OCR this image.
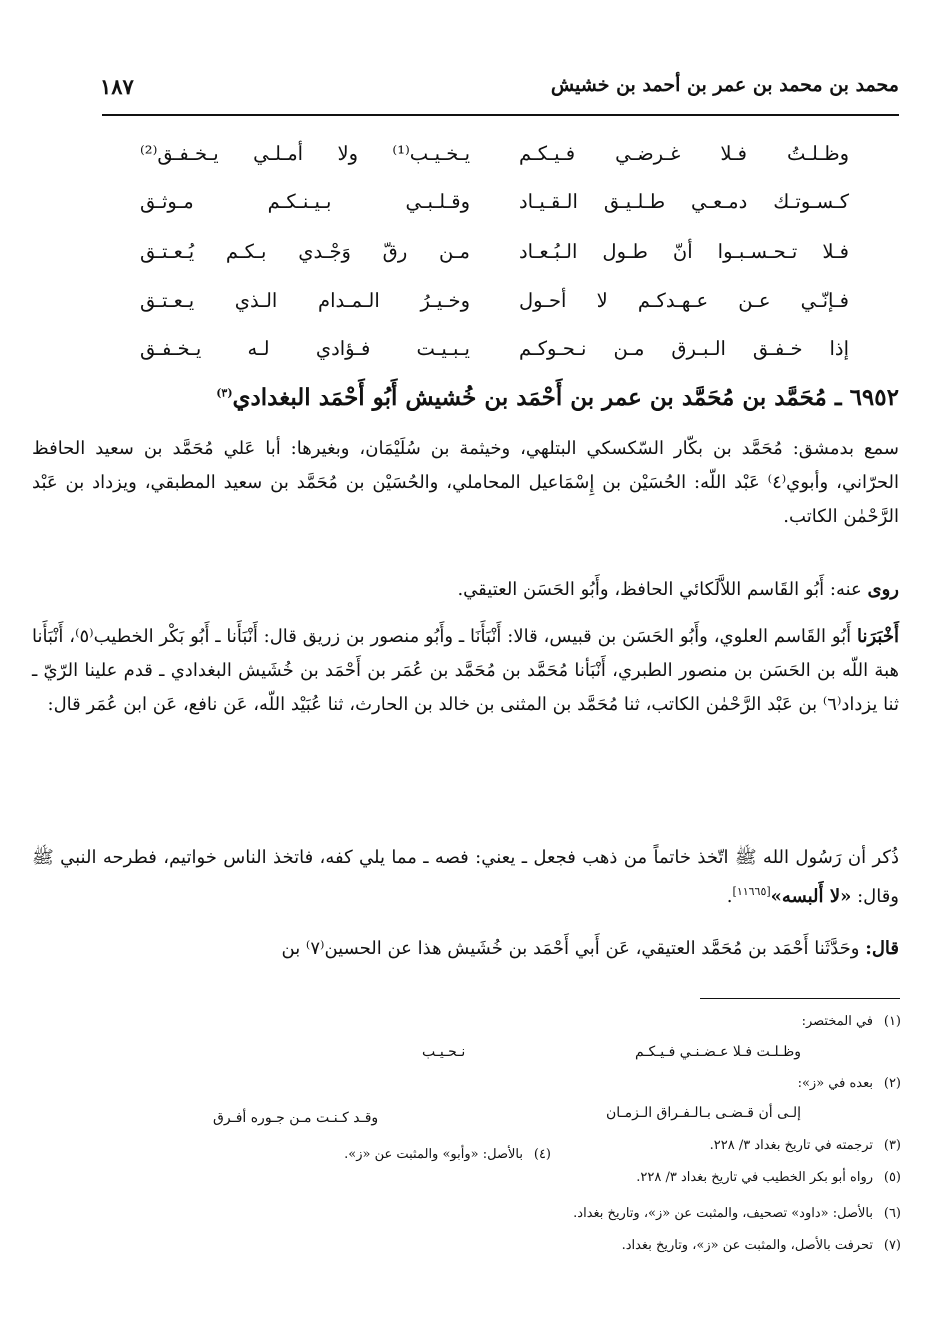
محمد بن محمد بن عمر بن أحمد بن خشيش
١٨٧
وظـلـتُ فـلا غـرضـي فـيـكـم
يـخـيـب⁽¹⁾ ولا أمـلـي يـخـفـق⁽²⁾
كـسـوتـك دمـعـي طـلـيـق الـقـيـاد
وقـلـبـي بـيـنـكـم مـوثـق
فـلا تـحـسـبـوا أنّ طـول الـبُـعـاد
مـن رقّ وَجْـدي بـكـم يُـعـتـق
فـإنّـي عـن عـهـدكـم لا أحـول
وخـيـرُ الـمـدام الـذي يـعـتـق
إذا خـفـق الـبـرق مـن نـحـوكـم
يـبـيـت فـؤادي لـه يـخـفـق
٦٩٥٢ ـ مُحَمَّد بن مُحَمَّد بن عمر بن أَحْمَد بن خُشيش أَبُو أَحْمَد البغدادي$^{(٣)}$
سمع بدمشق: مُحَمَّد بن بكّار السّكسكي البتلهي، وخيثمة بن سُلَيْمَان، وبغيرها: أبا عَلي مُحَمَّد بن سعيد الحافظ الحرّاني، وأبوي⁽٤⁾ عَبْد اللّه: الحُسَيْن بن إِسْمَاعيل المحاملي، والحُسَيْن بن مُحَمَّد بن سعيد المطبقي، ويزداد بن عَبْد الرَّحْمٰن الكاتب.
روى عنه: أَبُو القَاسم اللاَّلَكائي الحافظ، وأَبُو الحَسَن العتيقي.
أَخْبَرَنا أَبُو القَاسم العلوي، وأَبُو الحَسَن بن قبيس، قالا: أَنْبَأَنَا ـ وأَبُو منصور بن زريق قال: أَنْبَأَنا ـ أَبُو بَكْر الخطيب⁽٥⁾، أَنْبَأَنا هبة اللّه بن الحَسَن بن منصور الطبري، أَنْبَأنا مُحَمَّد بن مُحَمَّد بن عُمَر بن أَحْمَد بن خُشَيش البغدادي ـ قدم علينا الرّيّ ـ ثنا يزداد⁽٦⁾ بن عَبْد الرَّحْمٰن الكاتب، ثنا مُحَمَّد بن المثنى بن خالد بن الحارث، ثنا عُبَيْد اللّه، عَن نافع، عَن ابن عُمَر قال:
ذُكر أن رَسُول الله ﷺ اتّخذ خاتماً من ذهب فجعل ـ يعني: فصه ـ مما يلي كفه، فاتخذ الناس خواتيم، فطرحه النبي ﷺ وقال: «لا أَلبسه»[١١٦٦٥].
قال: وحَدَّثَنا أَحْمَد بن مُحَمَّد العتيقي، عَن أَبي أَحْمَد بن خُشَيش هذا عن الحسين⁽٧⁾ بن
(١)في المختصر:
وظـلـت فـلا عـضـنـي فـيـكـم
نـحـيـب
(٢)بعده في «ز»:
إلـى أن قـضـى بـالـفـراق الـزمـان
وقـد كـنـت مـن جـوره أفـرق
(٣)ترجمته في تاريخ بغداد ٣/ ٢٢٨.
(٤)بالأصل: «وأبو» والمثبت عن «ز».
(٥)رواه أبو بكر الخطيب في تاريخ بغداد ٣/ ٢٢٨.
(٦)بالأصل: «داود» تصحيف، والمثبت عن «ز»، وتاريخ بغداد.
(٧)تحرفت بالأصل، والمثبت عن «ز»، وتاريخ بغداد.
